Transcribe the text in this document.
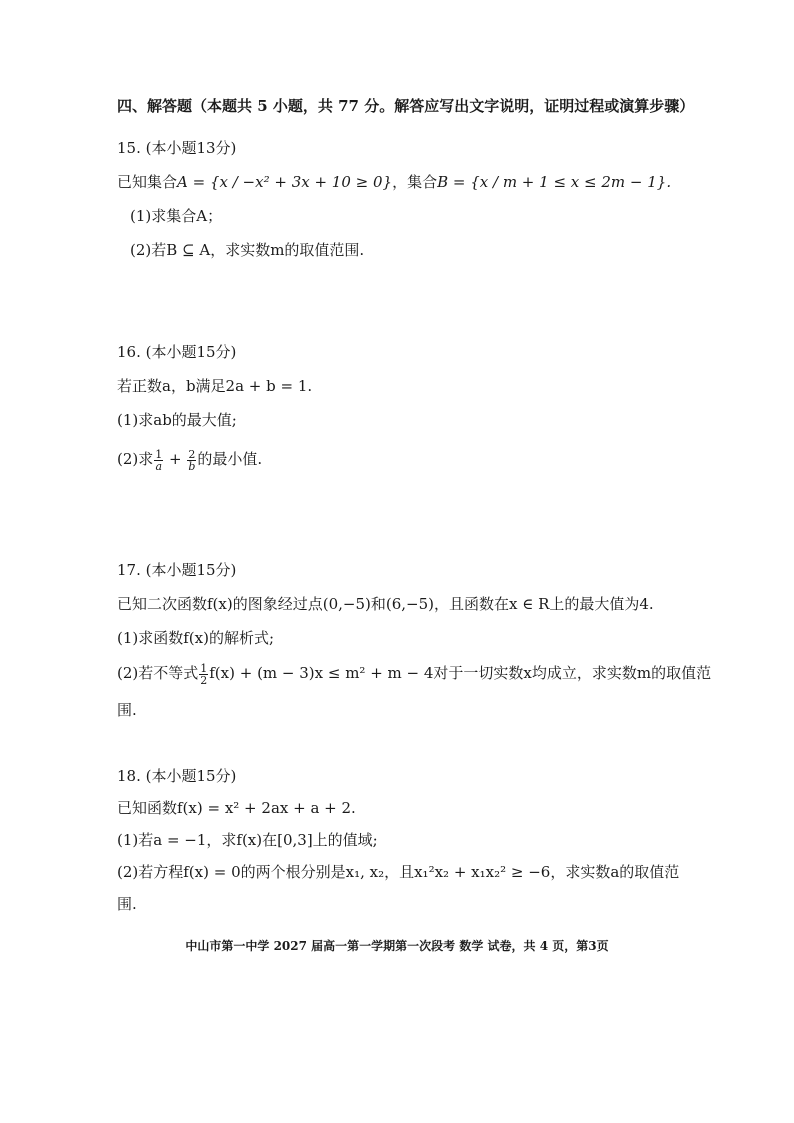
四、解答题（本题共 5 小题，共 77 分。解答应写出文字说明，证明过程或演算步骤）
15. (本小题13分)
已知集合A = {x / −x² + 3x + 10 ≥ 0}，集合B = {x / m + 1 ≤ x ≤ 2m − 1}.
(1)求集合A；
(2)若B ⊆ A，求实数m的取值范围.
16. (本小题15分)
若正数a，b满足2a + b = 1.
(1)求ab的最大值;
(2)求 $\frac{1}{a} + \frac{2}{b}$ 的最小值.
17. (本小题15分)
已知二次函数f(x)的图象经过点(0,−5)和(6,−5)，且函数在x ∈ R上的最大值为4.
(1)求函数f(x)的解析式;
(2)若不等式 $\frac{1}{2} f(x) + (m - 3)x \le m^2 + m - 4$对于一切实数x均成立，求实数m的取值范
围.
18. (本小题15分)
已知函数f(x) = x² + 2ax + a + 2.
(1)若a = −1，求f(x)在[0,3]上的值域;
(2)若方程f(x) = 0的两个根分别是x₁, x₂，且x₁²x₂ + x₁x₂² ≥ −6，求实数a的取值范
围.
中山市第一中学 2027 届高一第一学期第一次段考 数学 试卷，共 4 页，第3页
